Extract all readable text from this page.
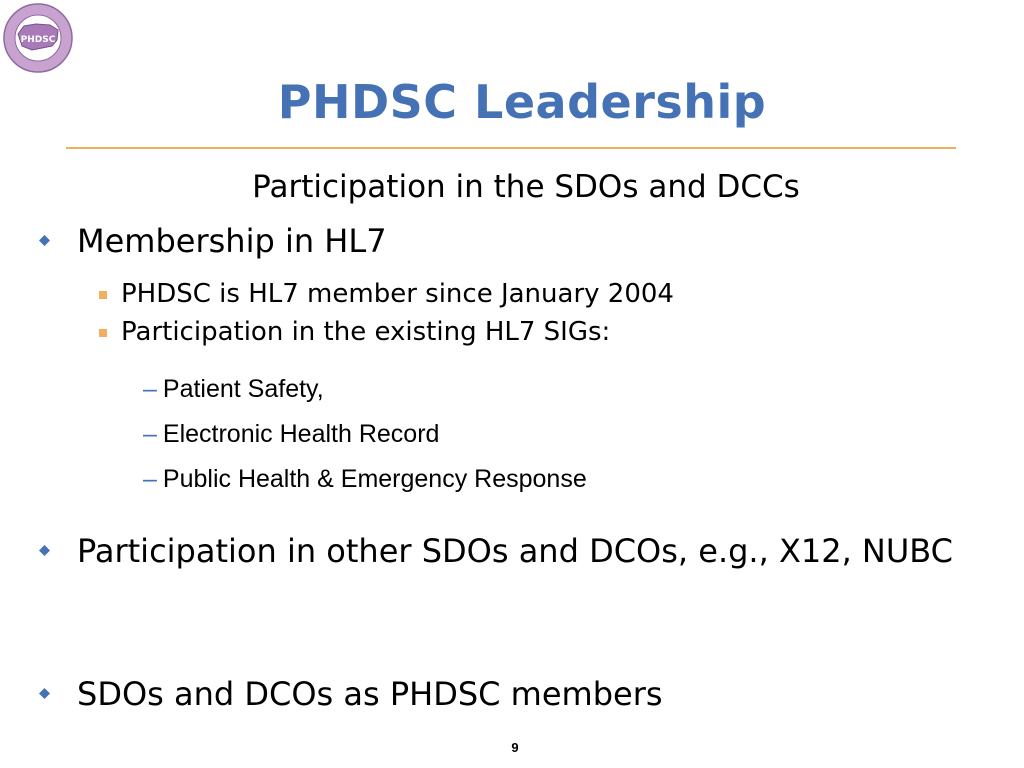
PHDSC
PHDSC Leadership
Participation in the SDOs and DCCs
Membership in HL7
PHDSC is HL7 member since January 2004
Participation in the existing HL7 SIGs:
– Patient Safety,
– Electronic Health Record
– Public Health & Emergency Response
Participation in other SDOs and DCOs, e.g., X12, NUBC
SDOs and DCOs as PHDSC members
9
